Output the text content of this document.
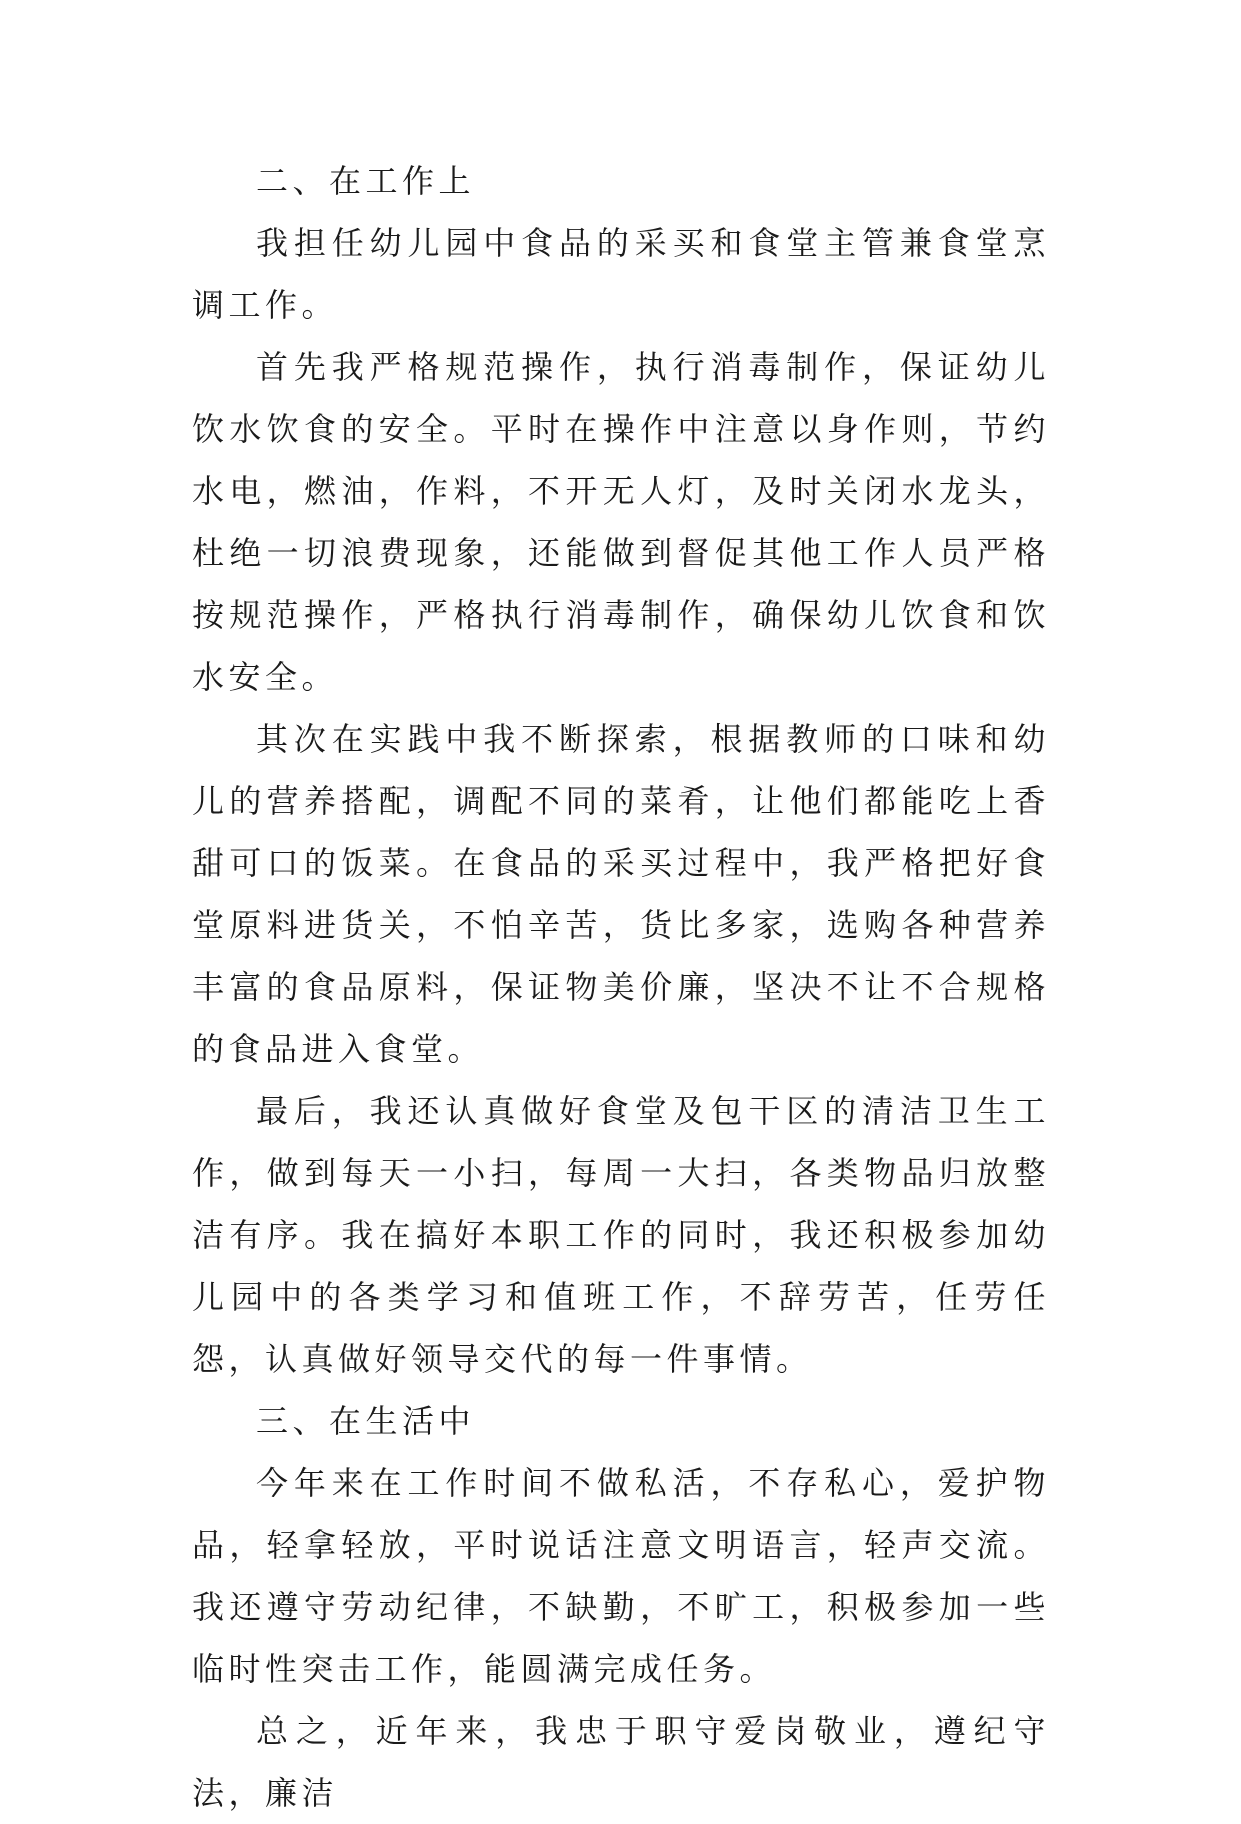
二、在工作上

我担任幼儿园中食品的采买和食堂主管兼食堂烹调工作。

首先我严格规范操作，执行消毒制作，保证幼儿饮水饮食的安全。平时在操作中注意以身作则，节约水电，燃油，作料，不开无人灯，及时关闭水龙头，杜绝一切浪费现象，还能做到督促其他工作人员严格按规范操作，严格执行消毒制作，确保幼儿饮食和饮水安全。

其次在实践中我不断探索，根据教师的口味和幼儿的营养搭配，调配不同的菜肴，让他们都能吃上香甜可口的饭菜。在食品的采买过程中，我严格把好食堂原料进货关，不怕辛苦，货比多家，选购各种营养丰富的食品原料，保证物美价廉，坚决不让不合规格的食品进入食堂。

最后，我还认真做好食堂及包干区的清洁卫生工作，做到每天一小扫，每周一大扫，各类物品归放整洁有序。我在搞好本职工作的同时，我还积极参加幼儿园中的各类学习和值班工作，不辞劳苦，任劳任怨，认真做好领导交代的每一件事情。

三、在生活中

今年来在工作时间不做私活，不存私心，爱护物品，轻拿轻放，平时说话注意文明语言，轻声交流。我还遵守劳动纪律，不缺勤，不旷工，积极参加一些临时性突击工作，能圆满完成任务。

总之，近年来，我忠于职守爱岗敬业，遵纪守法，廉洁
